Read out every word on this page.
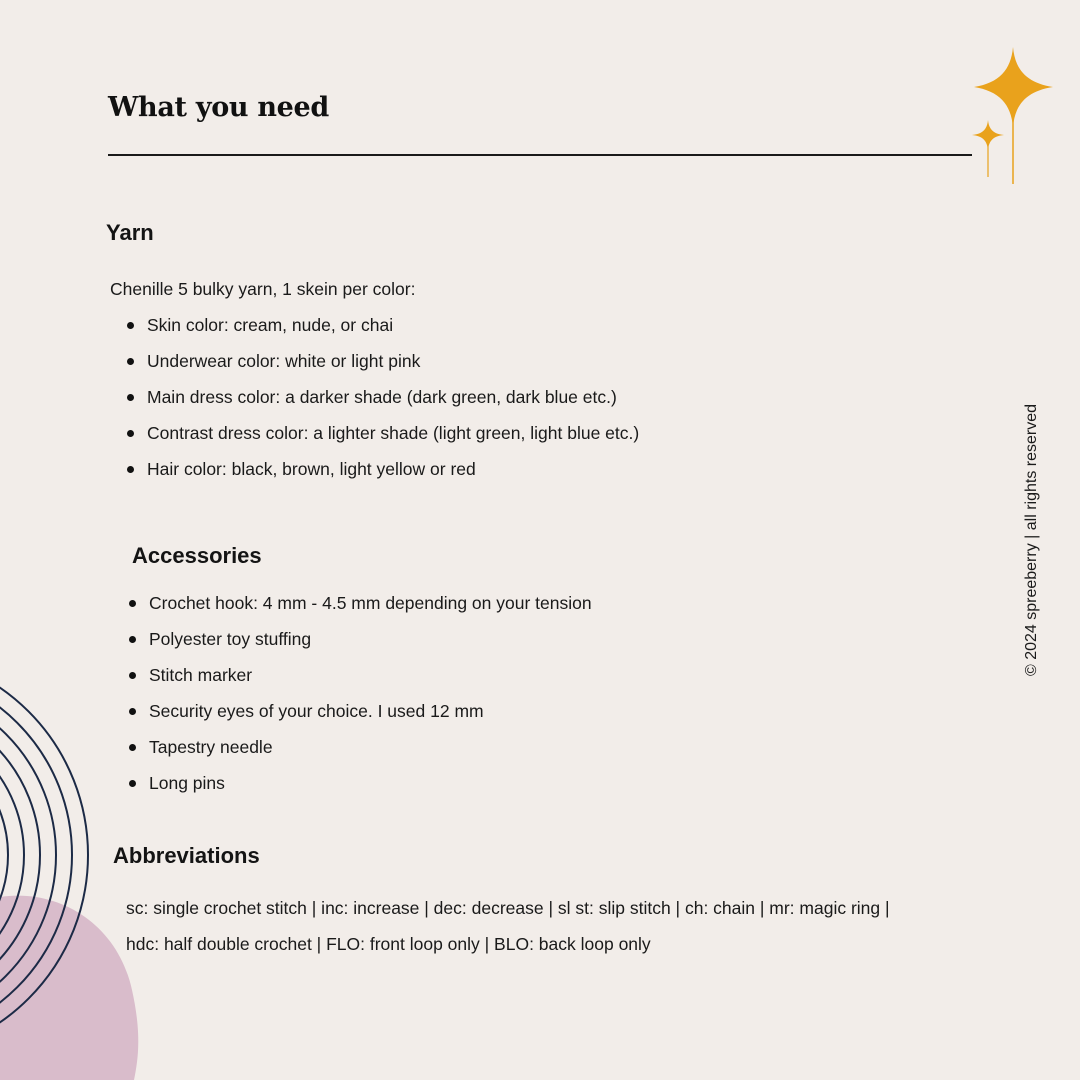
What you need
Yarn

Chenille 5 bulky yarn, 1 skein per color:

Skin color: cream, nude, or chai
Underwear color: white or light pink
Main dress color: a darker shade (dark green, dark blue etc.)
Contrast dress color: a lighter shade (light green, light blue etc.)
Hair color: black, brown, light yellow or red
Accessories
Crochet hook: 4 mm - 4.5 mm depending on your tension
Polyester toy stuffing
Stitch marker
Security eyes of your choice. I used 12 mm
Tapestry needle
Long pins
Abbreviations

sc: single crochet stitch | inc: increase | dec: decrease | sl st: slip stitch | ch: chain | mr: magic ring |
hdc: half double crochet | FLO: front loop only | BLO: back loop only

© 2024 spreeberry | all rights reserved
